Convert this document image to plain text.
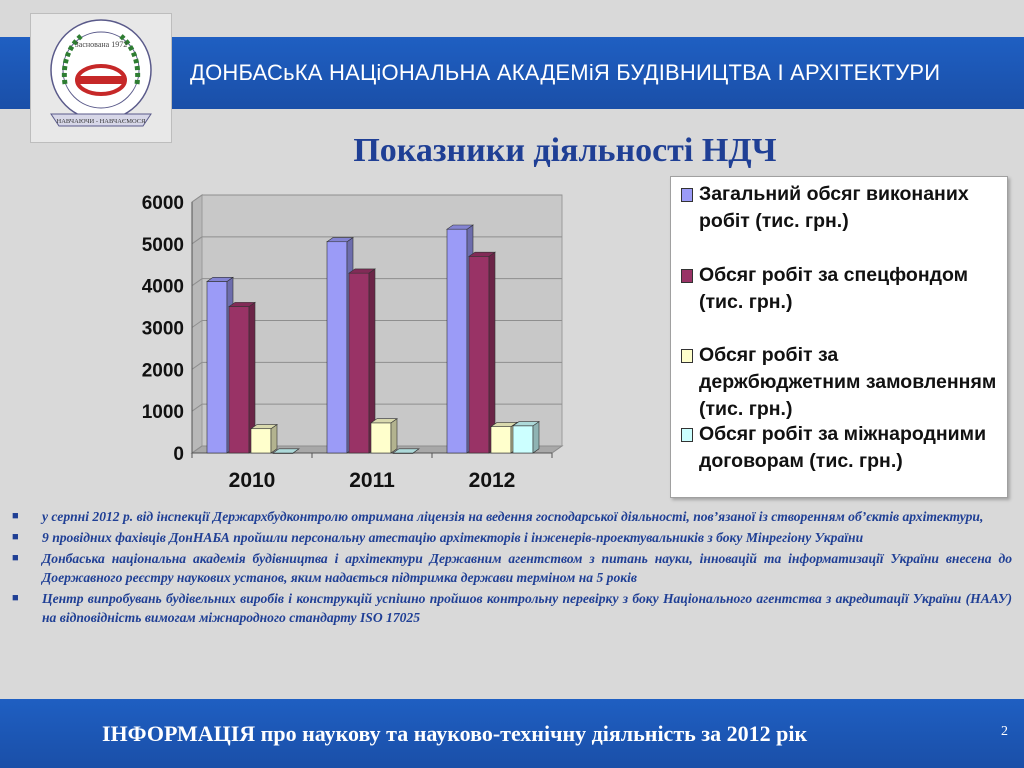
ДОНБАСьКА НАЦіОНАЛЬНА АКАДЕМіЯ БУДІВНИЦТВА І АРХІТЕКТУРИ
Заснована 1972
НАВЧАЮЧИ - НАВЧАЄМОСЯ
Показники діяльності НДЧ
0
1000
2000
3000
4000
5000
6000
2010	2011	2012
Загальний обсяг виконаних робіт (тис. грн.)
Обсяг робіт за спецфондом (тис. грн.)
Обсяг робіт за держбюджетним замовленням (тис. грн.)
Обсяг робіт за міжнародними договорам (тис. грн.)
■ у серпні 2012 р. від інспекції Держархбудконтролю отримана ліцензія на ведення господарської діяльності, пов’язаної із створенням об’єктів архітектури,
■ 9 провідних фахівців ДонНАБА пройшли персональну атестацію архітекторів і інженерів-проектувальників з боку Мінрегіону України
■ Донбаська національна академія будівництва і архітектури Державним агентством з питань науки, інновацій та інформатизації України внесена до Доержавного реєстру наукових установ, яким надається підтримка держави терміном на 5 років
■ Центр випробувань будівельних виробів і конструкцій успішно пройшов контрольну перевірку з боку Національного агентства з акредитації України (НААУ) на відповідність вимогам міжнародного стандарту ISO 17025
ІНФОРМАЦІЯ про наукову та науково-технічну діяльність за 2012 рік	2
